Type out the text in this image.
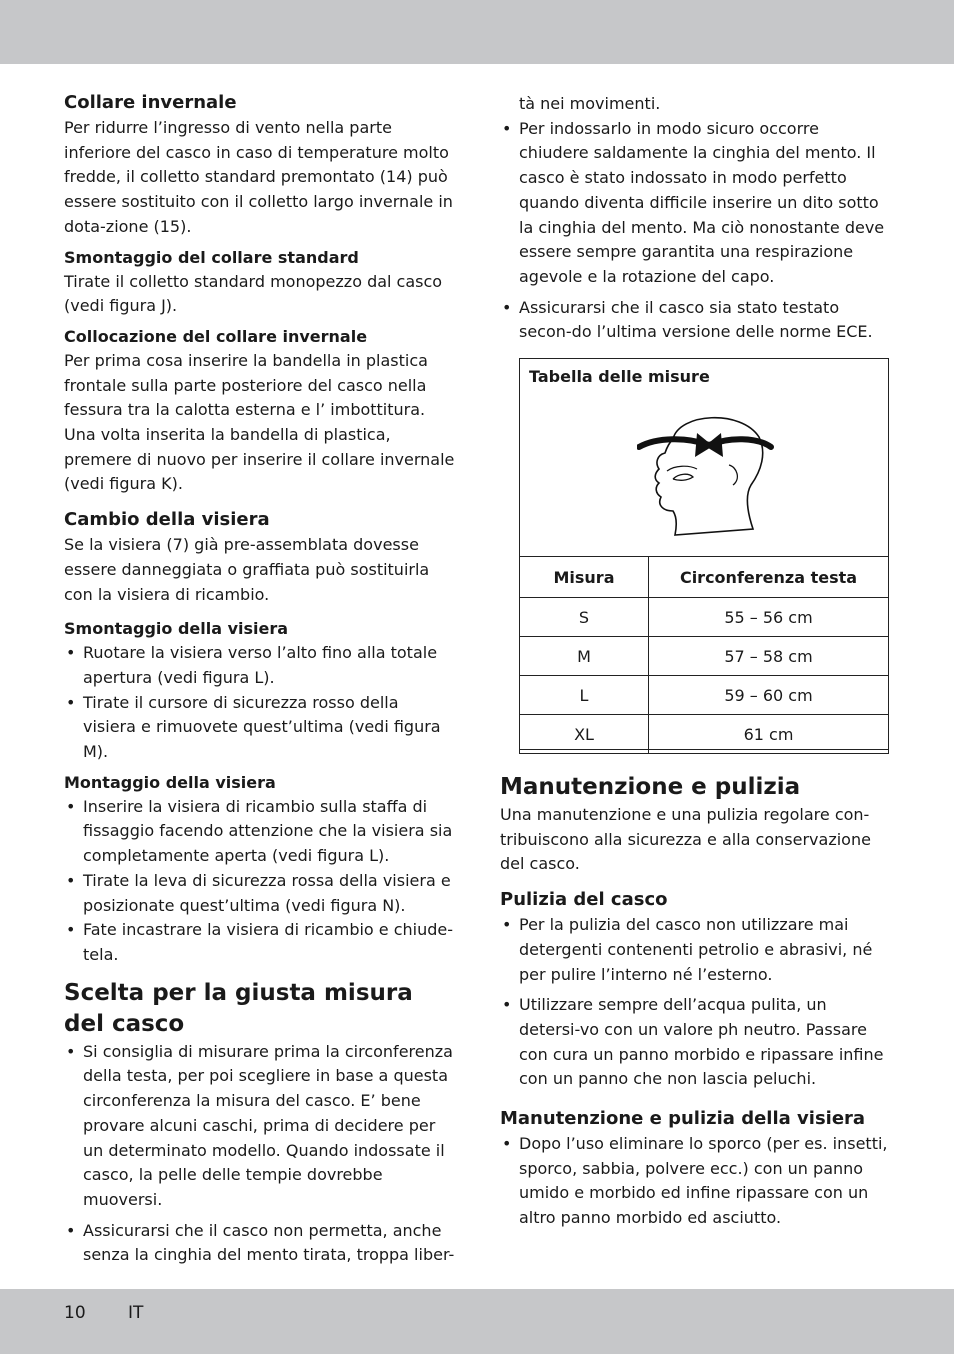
Collare invernale

Per ridurre l’ingresso di vento nella parte inferiore del casco in caso di temperature molto fredde, il colletto standard premontato (14) può essere sostituito con il colletto largo invernale in dota-zione (15).

Smontaggio del collare standard

Tirate il colletto standard monopezzo dal casco (vedi figura J).

Collocazione del collare invernale

Per prima cosa inserire la bandella in plastica frontale sulla parte posteriore del casco nella fessura tra la calotta esterna e l’ imbottitura. Una volta inserita la bandella di plastica, premere di nuovo per inserire il collare invernale (vedi figura K).

Cambio della visiera

Se la visiera (7) già pre-assemblata dovesse essere danneggiata o graffiata può sostituirla con la visiera di ricambio.

Smontaggio della visiera
• Ruotare la visiera verso l’alto fino alla totale apertura (vedi figura L).
• Tirate il cursore di sicurezza rosso della visiera e rimuovete quest’ultima (vedi figura M).
Montaggio della visiera
• Inserire la visiera di ricambio sulla staffa di fissaggio facendo attenzione che la visiera sia completamente aperta (vedi figura L).
• Tirate la leva di sicurezza rossa della visiera e posizionate quest’ultima (vedi figura N).
• Fate incastrare la visiera di ricambio e chiude-tela.
Scelta per la giusta misura del casco
• Si consiglia di misurare prima la circonferenza della testa, per poi scegliere in base a questa circonferenza la misura del casco. E’ bene provare alcuni caschi, prima di decidere per un determinato modello. Quando indossate il casco, la pelle delle tempie dovrebbe muoversi.
• Assicurarsi che il casco non permetta, anche senza la cinghia del mento tirata, troppa liber-

tà nei movimenti.

• Per indossarlo in modo sicuro occorre chiudere saldamente la cinghia del mento. Il casco è stato indossato in modo perfetto quando diventa difficile inserire un dito sotto la cinghia del mento. Ma ciò nonostante deve essere sempre garantita una respirazione agevole e la rotazione del capo.
• Assicurarsi che il casco sia stato testato secon-do l’ultima versione delle norme ECE.
Tabella delle misure
Misura	Circonferenza testa
S	55 – 56 cm
M	57 – 58 cm
L	59 – 60 cm
XL	61 cm
Manutenzione e pulizia

Una manutenzione e una pulizia regolare con-tribuiscono alla sicurezza e alla conservazione del casco.

Pulizia del casco
• Per la pulizia del casco non utilizzare mai detergenti contenenti petrolio e abrasivi, né per pulire l’interno né l’esterno.
• Utilizzare sempre dell’acqua pulita, un detersi-vo con un valore ph neutro. Passare con cura un panno morbido e ripassare infine con un panno che non lascia peluchi.
Manutenzione e pulizia della visiera
• Dopo l’uso eliminare lo sporco (per es. insetti, sporco, sabbia, polvere ecc.) con un panno umido e morbido ed infine ripassare con un altro panno morbido ed asciutto.
10 IT
